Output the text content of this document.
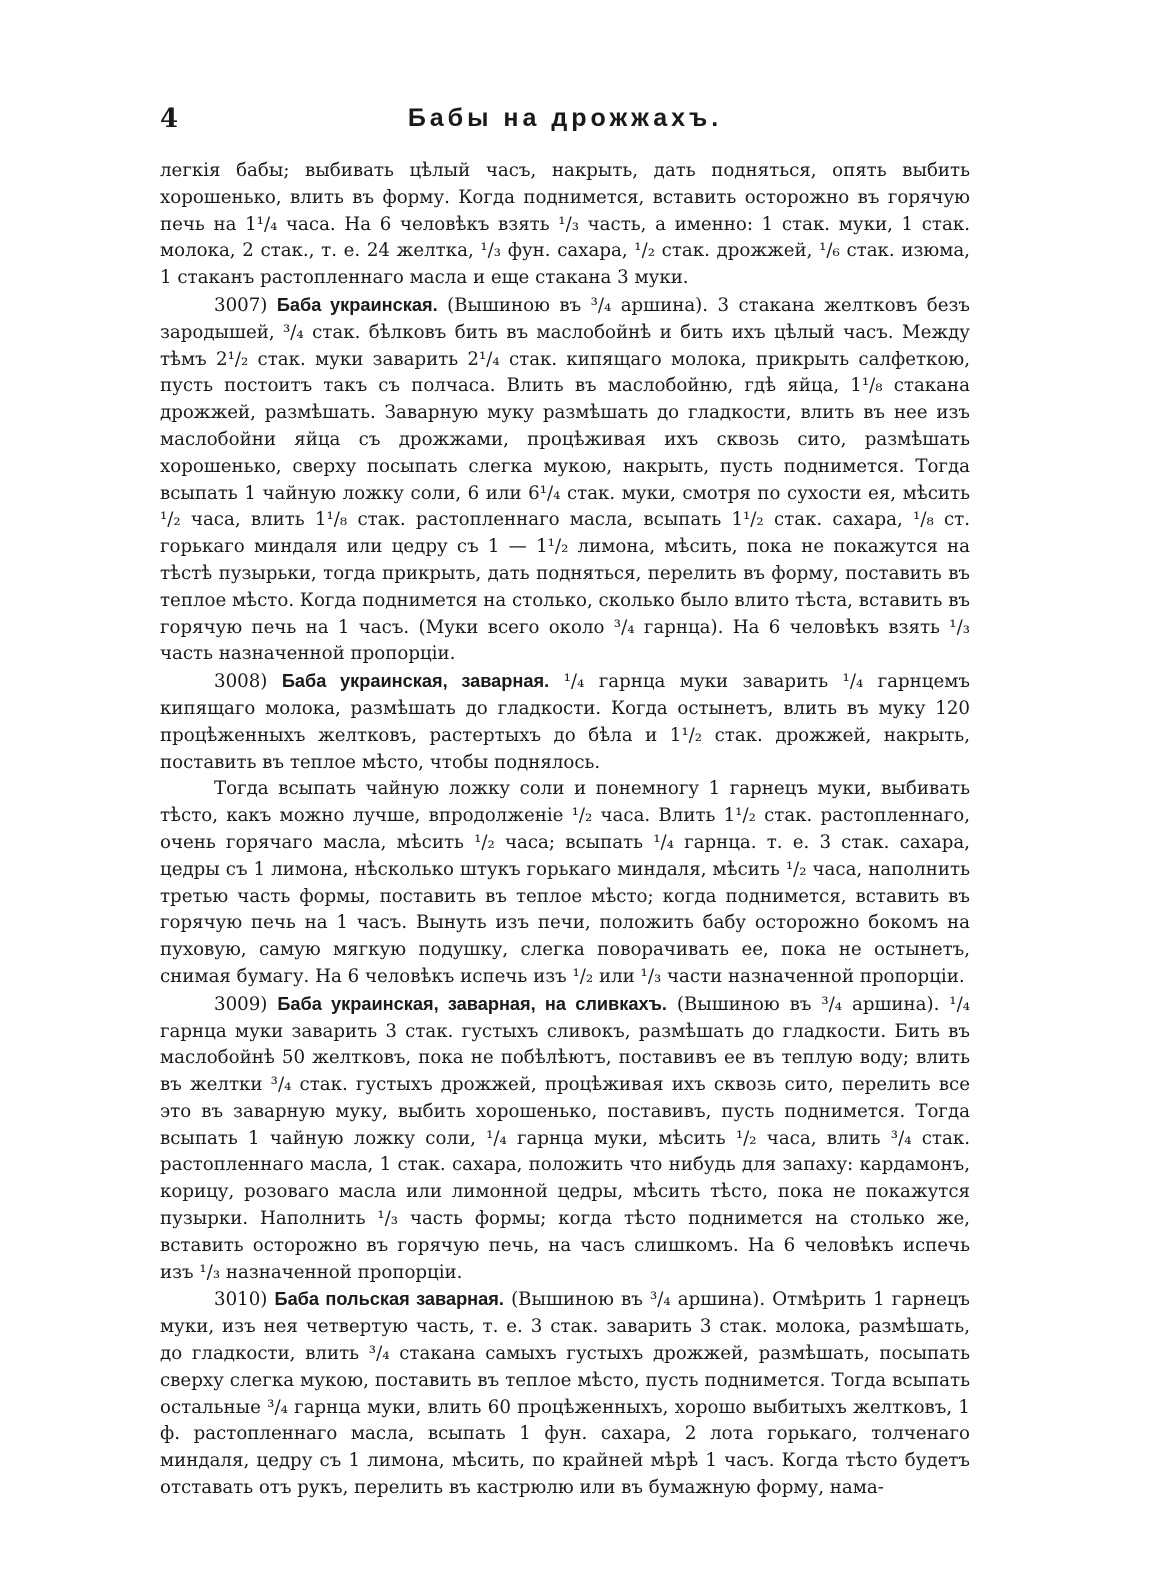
4	Бабы на дрожжахъ.

легкія бабы; выбивать цѣлый часъ, накрыть, дать подняться, опять выбить хорошенько, влить въ форму. Когда поднимется, вставить осторожно въ горячую печь на 1¹/₄ часа. На 6 человѣкъ взять ¹/₃ часть, а именно: 1 стак. муки, 1 стак. молока, 2 стак., т. е. 24 желтка, ¹/₃ фун. сахара, ¹/₂ стак. дрожжей, ¹/₆ стак. изюма, 1 стаканъ растопленнаго масла и еще стакана 3 муки.

3007) Баба украинская. (Вышиною въ ³/₄ аршина). 3 стакана желтковъ безъ зародышей, ³/₄ стак. бѣлковъ бить въ маслобойнѣ и бить ихъ цѣлый часъ. Между тѣмъ 2¹/₂ стак. муки заварить 2¹/₄ стак. кипящаго молока, прикрыть салфеткою, пусть постоитъ такъ съ полчаса. Влить въ маслобойню, гдѣ яйца, 1¹/₈ стакана дрожжей, размѣшать. Заварную муку размѣшать до гладкости, влить въ нее изъ маслобойни яйца съ дрожжами, процѣживая ихъ сквозь сито, размѣшать хорошенько, сверху посыпать слегка мукою, накрыть, пусть поднимется. Тогда всыпать 1 чайную ложку соли, 6 или 6¹/₄ стак. муки, смотря по сухости ея, мѣсить ¹/₂ часа, влить 1¹/₈ стак. растопленнаго масла, всыпать 1¹/₂ стак. сахара, ¹/₈ ст. горькаго миндаля или цедру съ 1 — 1¹/₂ лимона, мѣсить, пока не покажутся на тѣстѣ пузырьки, тогда прикрыть, дать подняться, перелить въ форму, поставить въ теплое мѣсто. Когда поднимется на столько, сколько было влито тѣста, вставить въ горячую печь на 1 часъ. (Муки всего около ³/₄ гарнца). На 6 человѣкъ взять ¹/₃ часть назначенной пропорціи.

3008) Баба украинская, заварная. ¹/₄ гарнца муки заварить ¹/₄ гарнцемъ кипящаго молока, размѣшать до гладкости. Когда остынетъ, влить въ муку 120 процѣженныхъ желтковъ, растертыхъ до бѣла и 1¹/₂ стак. дрожжей, накрыть, поставить въ теплое мѣсто, чтобы поднялось.

Тогда всыпать чайную ложку соли и понемногу 1 гарнецъ муки, выбивать тѣсто, какъ можно лучше, впродолженіе ¹/₂ часа. Влить 1¹/₂ стак. растопленнаго, очень горячаго масла, мѣсить ¹/₂ часа; всыпать ¹/₄ гарнца. т. е. 3 стак. сахара, цедры съ 1 лимона, нѣсколько штукъ горькаго миндаля, мѣсить ¹/₂ часа, наполнить третью часть формы, поставить въ теплое мѣсто; когда поднимется, вставить въ горячую печь на 1 часъ. Вынуть изъ печи, положить бабу осторожно бокомъ на пуховую, самую мягкую подушку, слегка поворачивать ее, пока не остынетъ, снимая бумагу. На 6 человѣкъ испечь изъ ¹/₂ или ¹/₃ части назначенной пропорціи.

3009) Баба украинская, заварная, на сливкахъ. (Вышиною въ ³/₄ аршина). ¹/₄ гарнца муки заварить 3 стак. густыхъ сливокъ, размѣшать до гладкости. Бить въ маслобойнѣ 50 желтковъ, пока не побѣлѣютъ, поставивъ ее въ теплую воду; влить въ желтки ³/₄ стак. густыхъ дрожжей, процѣживая ихъ сквозь сито, перелить все это въ заварную муку, выбить хорошенько, поставивъ, пусть поднимется. Тогда всыпать 1 чайную ложку соли, ¹/₄ гарнца муки, мѣсить ¹/₂ часа, влить ³/₄ стак. растопленнаго масла, 1 стак. сахара, положить что нибудь для запаху: кардамонъ, корицу, розоваго масла или лимонной цедры, мѣсить тѣсто, пока не покажутся пузырки. Наполнить ¹/₃ часть формы; когда тѣсто поднимется на столько же, вставить осторожно въ горячую печь, на часъ слишкомъ. На 6 человѣкъ испечь изъ ¹/₃ назначенной пропорціи.

3010) Баба польская заварная. (Вышиною въ ³/₄ аршина). Отмѣрить 1 гарнецъ муки, изъ нея четвертую часть, т. е. 3 стак. заварить 3 стак. молока, размѣшать, до гладкости, влить ³/₄ стакана самыхъ густыхъ дрожжей, размѣшать, посыпать сверху слегка мукою, поставить въ теплое мѣсто, пусть поднимется. Тогда всыпать остальные ³/₄ гарнца муки, влить 60 процѣженныхъ, хорошо выбитыхъ желтковъ, 1 ф. растопленнаго масла, всыпать 1 фун. сахара, 2 лота горькаго, толченаго миндаля, цедру съ 1 лимона, мѣсить, по крайней мѣрѣ 1 часъ. Когда тѣсто будетъ отставать отъ рукъ, перелить въ кастрюлю или въ бумажную форму, нама-
